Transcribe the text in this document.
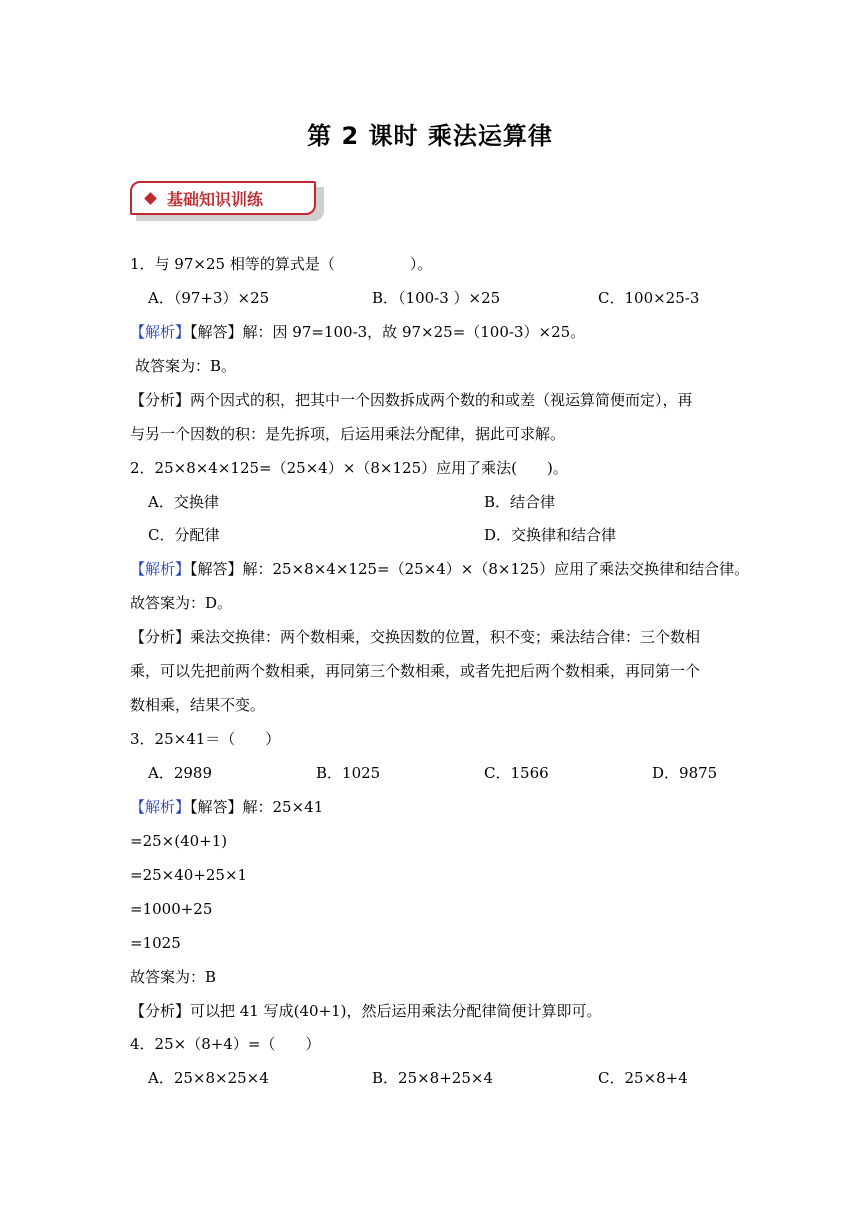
第 2 课时 乘法运算律
基础知识训练
1．与 97×25 相等的算式是（　　　　　）。
A．（97+3）×25	B．（100-3 ）×25	C．100×25-3
【解析】【解答】解：因 97=100-3，故 97×25=（100-3）×25。
故答案为：B。
【分析】两个因式的积，把其中一个因数拆成两个数的和或差（视运算简便而定），再
与另一个因数的积：是先拆项，后运用乘法分配律，据此可求解。
2．25×8×4×125=（25×4）×（8×125）应用了乘法(　　)。
A．交换律	B．结合律
C．分配律	D．交换律和结合律
【解析】【解答】解：25×8×4×125=（25×4）×（8×125）应用了乘法交换律和结合律。
故答案为：D。
【分析】乘法交换律：两个数相乘，交换因数的位置，积不变；乘法结合律：三个数相
乘，可以先把前两个数相乘，再同第三个数相乘，或者先把后两个数相乘，再同第一个
数相乘，结果不变。
3．25×41＝（　　）
A．2989	B．1025	C．1566	D．9875
【解析】【解答】解：25×41
=25×(40+1)
=25×40+25×1
=1000+25
=1025
故答案为：B
【分析】可以把 41 写成(40+1)，然后运用乘法分配律简便计算即可。
4．25×（8+4）=（　　）
A．25×8×25×4	B．25×8+25×4	C．25×8+4
